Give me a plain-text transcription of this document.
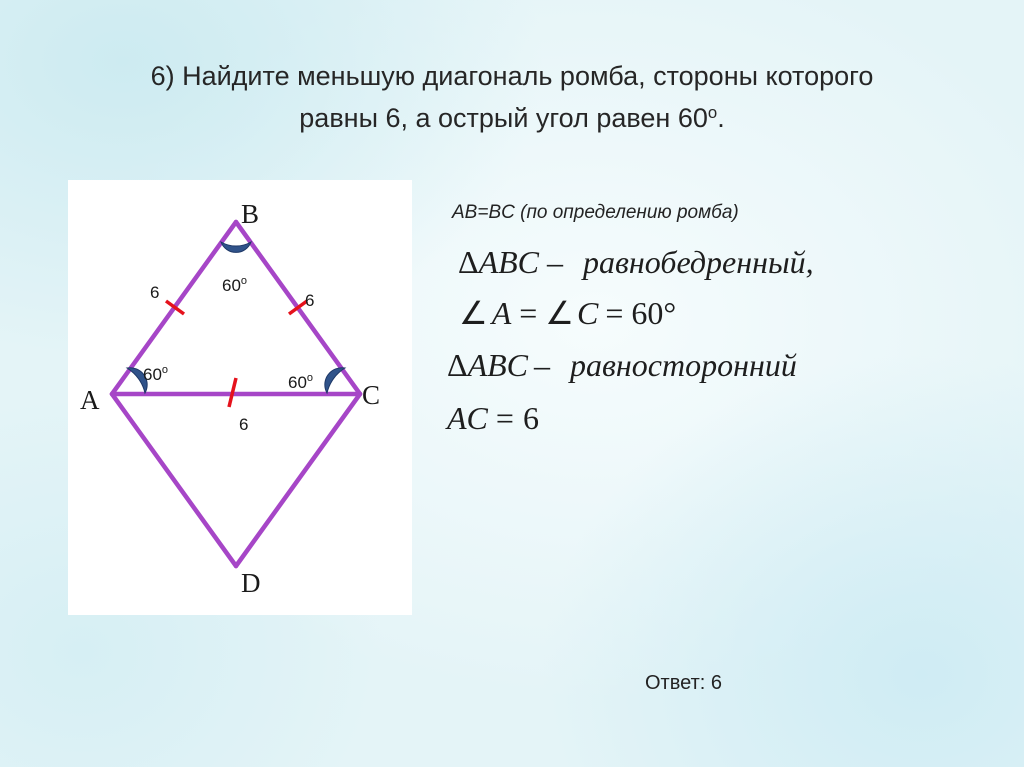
6) Найдите меньшую диагональ ромба, стороны которого
равны 6, а острый угол равен $60^о$.
B
A	C
D
6	6
6
$60^о$
$60^о$
$60^о$
AB=BC (по определению ромба)
ΔABC – равнобедренный,
∠ A = ∠C = 60°
ΔABC – равносторонний
AC = 6
Ответ: 6
